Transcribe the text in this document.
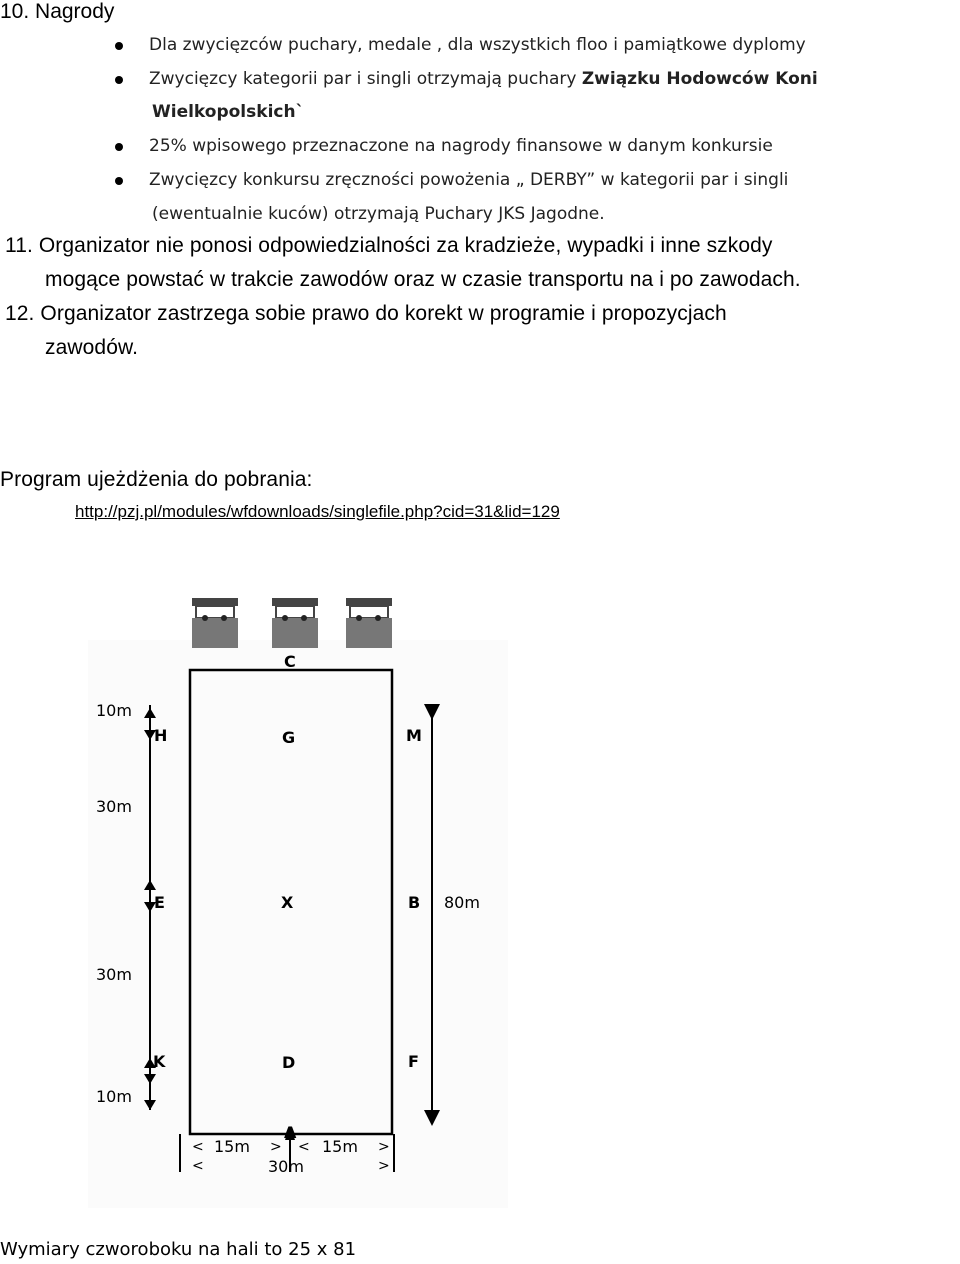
10. Nagrody
Dla zwycięzców puchary, medale , dla wszystkich floo i pamiątkowe dyplomy
Zwycięzcy kategorii par i singli otrzymają puchary Związku Hodowców Koni
Wielkopolskich`
25% wpisowego przeznaczone na nagrody finansowe w danym konkursie
Zwycięzcy konkursu zręczności powożenia „ DERBY” w kategorii par i singli
(ewentualnie kuców) otrzymają Puchary JKS Jagodne.
11. Organizator nie ponosi odpowiedzialności za kradzieże, wypadki i inne szkody
mogące powstać w trakcie zawodów oraz w czasie transportu na i po zawodach.
12. Organizator zastrzega sobie prawo do korekt w programie i propozycjach
zawodów.
Program ujeżdżenia do pobrania:
http://pzj.pl/modules/wfdownloads/singlefile.php?cid=31&lid=129
<
<
> <	>
>
C
H	G	M
E	X	B
K	D	F
A
10m
30m
30m
10m
80m
15m	15m
30m
Wymiary czworoboku na hali to 25 x 81
